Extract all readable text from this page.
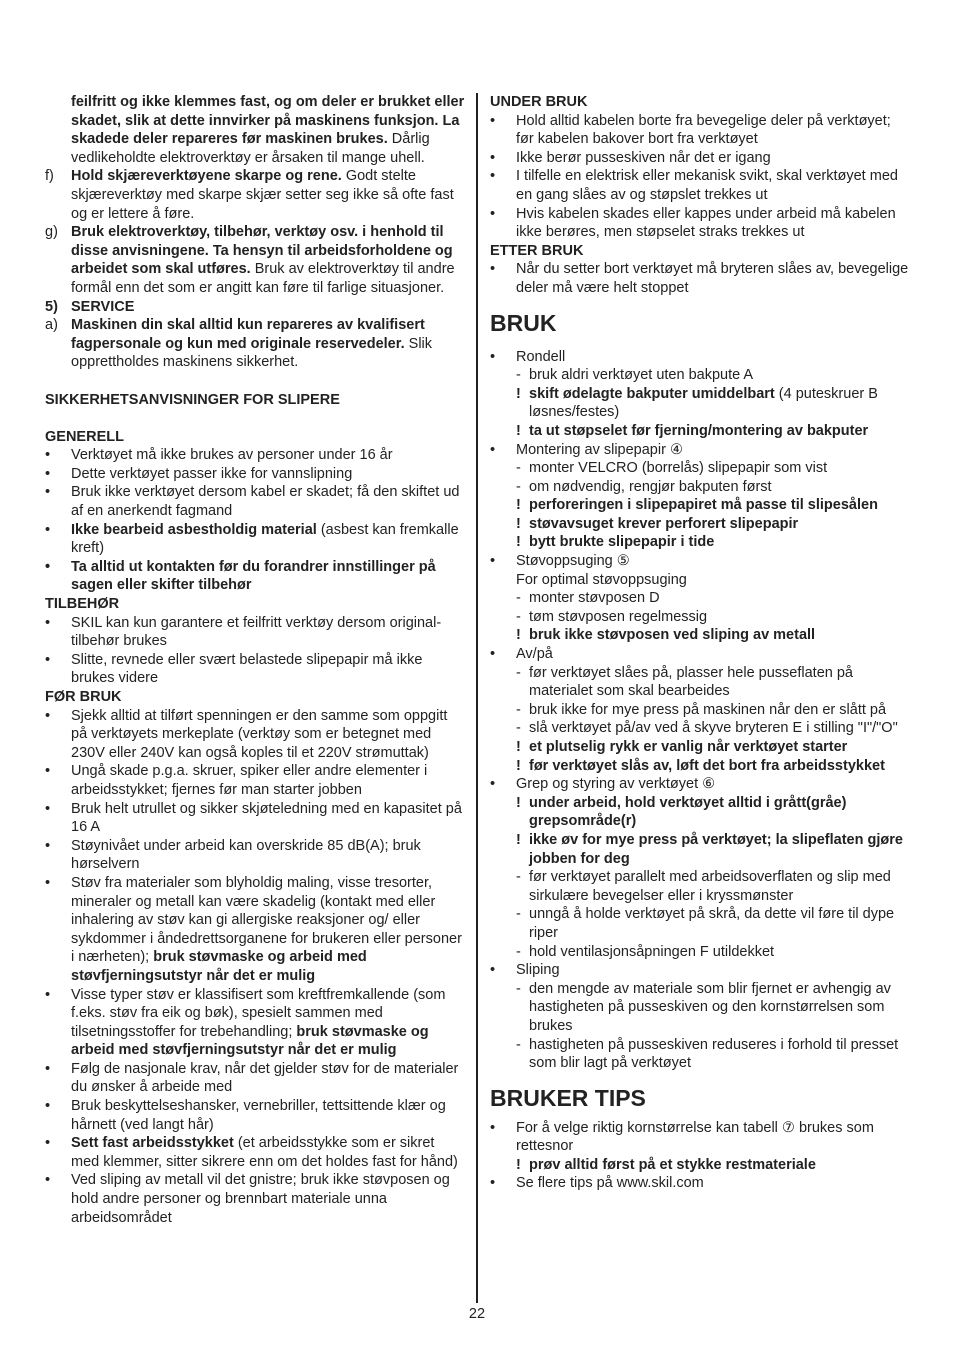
feilfritt og ikke klemmes fast, og om deler er brukket eller skadet, slik at dette innvirker på maskinens funksjon. La skadede deler repareres før maskinen brukes. Dårlig vedlikeholdte elektroverktøy er årsaken til mange uhell.

f) Hold skjæreverktøyene skarpe og rene. Godt stelte skjæreverktøy med skarpe skjær setter seg ikke så ofte fast og er lettere å føre.

g) Bruk elektroverktøy, tilbehør, verktøy osv. i henhold til disse anvisningene. Ta hensyn til arbeidsforholdene og arbeidet som skal utføres. Bruk av elektroverktøy til andre formål enn det som er angitt kan føre til farlige situasjoner.

5) SERVICE

a) Maskinen din skal alltid kun repareres av kvalifisert fagpersonale og kun med originale reservedeler. Slik opprettholdes maskinens sikkerhet.

SIKKERHETSANVISNINGER FOR SLIPERE

GENERELL

• Verktøyet må ikke brukes av personer under 16 år

• Dette verktøyet passer ikke for vannslipning

• Bruk ikke verktøyet dersom kabel er skadet; få den skiftet ud af en anerkendt fagmand

• Ikke bearbeid asbestholdig material (asbest kan fremkalle kreft)

• Ta alltid ut kontakten før du forandrer innstillinger på sagen eller skifter tilbehør

TILBEHØR

• SKIL kan kun garantere et feilfritt verktøy dersom original-tilbehør brukes

• Slitte, revnede eller svært belastede slipepapir må ikke brukes videre

FØR BRUK

• Sjekk alltid at tilført spenningen er den samme som oppgitt på verktøyets merkeplate (verktøy som er betegnet med 230V eller 240V kan også koples til et 220V strømuttak)

• Ungå skade p.g.a. skruer, spiker eller andre elementer i arbeidsstykket; fjernes før man starter jobben

• Bruk helt utrullet og sikker skjøteledning med en kapasitet på 16 A

• Støynivået under arbeid kan overskride 85 dB(A); bruk hørselvern

• Støv fra materialer som blyholdig maling, visse tresorter, mineraler og metall kan være skadelig (kontakt med eller inhalering av støv kan gi allergiske reaksjoner og/ eller sykdommer i åndedrettsorganene for brukeren eller personer i nærheten); bruk støvmaske og arbeid med støvfjerningsutstyr når det er mulig

• Visse typer støv er klassifisert som kreftfremkallende (som f.eks. støv fra eik og bøk), spesielt sammen med tilsetningsstoffer for trebehandling; bruk støvmaske og arbeid med støvfjerningsutstyr når det er mulig

• Følg de nasjonale krav, når det gjelder støv for de materialer du ønsker å arbeide med

• Bruk beskyttelseshansker, vernebriller, tettsittende klær og hårnett (ved langt hår)

• Sett fast arbeidsstykket (et arbeidsstykke som er sikret med klemmer, sitter sikrere enn om det holdes fast for hånd)

• Ved sliping av metall vil det gnistre; bruk ikke støvposen og hold andre personer og brennbart materiale unna arbeidsområdet

UNDER BRUK

• Hold alltid kabelen borte fra bevegelige deler på verktøyet; før kabelen bakover bort fra verktøyet

• Ikke berør pusseskiven når det er igang

• I tilfelle en elektrisk eller mekanisk svikt, skal verktøyet med en gang slåes av og støpslet trekkes ut

• Hvis kabelen skades eller kappes under arbeid må kabelen ikke berøres, men støpselet straks trekkes ut

ETTER BRUK

• Når du setter bort verktøyet må bryteren slåes av, bevegelige deler må være helt stoppet

BRUK

• Rondell

- bruk aldri verktøyet uten bakpute A

! skift ødelagte bakputer umiddelbart (4 puteskruer B løsnes/festes)

! ta ut støpselet før fjerning/montering av bakputer

• Montering av slipepapir ④

- monter VELCRO (borrelås) slipepapir som vist

- om nødvendig, rengjør bakputen først

! perforeringen i slipepapiret må passe til slipesålen

! støvavsuget krever perforert slipepapir

! bytt brukte slipepapir i tide

• Støvoppsuging ⑤

For optimal støvoppsuging

- monter støvposen D

- tøm støvposen regelmessig

! bruk ikke støvposen ved sliping av metall

• Av/på

- før verktøyet slåes på, plasser hele pusseflaten på materialet som skal bearbeides

- bruk ikke for mye press på maskinen når den er slått på

- slå verktøyet på/av ved å skyve bryteren E i stilling "I"/"O"

! et plutselig rykk er vanlig når verktøyet starter

! før verktøyet slås av, løft det bort fra arbeidsstykket

• Grep og styring av verktøyet ⑥

! under arbeid, hold verktøyet alltid i grått(gråe) grepsområde(r)

! ikke øv for mye press på verktøyet; la slipeflaten gjøre jobben for deg

- før verktøyet parallelt med arbeidsoverflaten og slip med sirkulære bevegelser eller i kryssmønster

- unngå å holde verktøyet på skrå, da dette vil føre til dype riper

- hold ventilasjonsåpningen F utildekket

• Sliping

- den mengde av materiale som blir fjernet er avhengig av hastigheten på pusseskiven og den kornstørrelsen som brukes

- hastigheten på pusseskiven reduseres i forhold til presset som blir lagt på verktøyet

BRUKER TIPS

• For å velge riktig kornstørrelse kan tabell ⑦ brukes som rettesnor

! prøv alltid først på et stykke restmateriale

• Se flere tips på www.skil.com

22
